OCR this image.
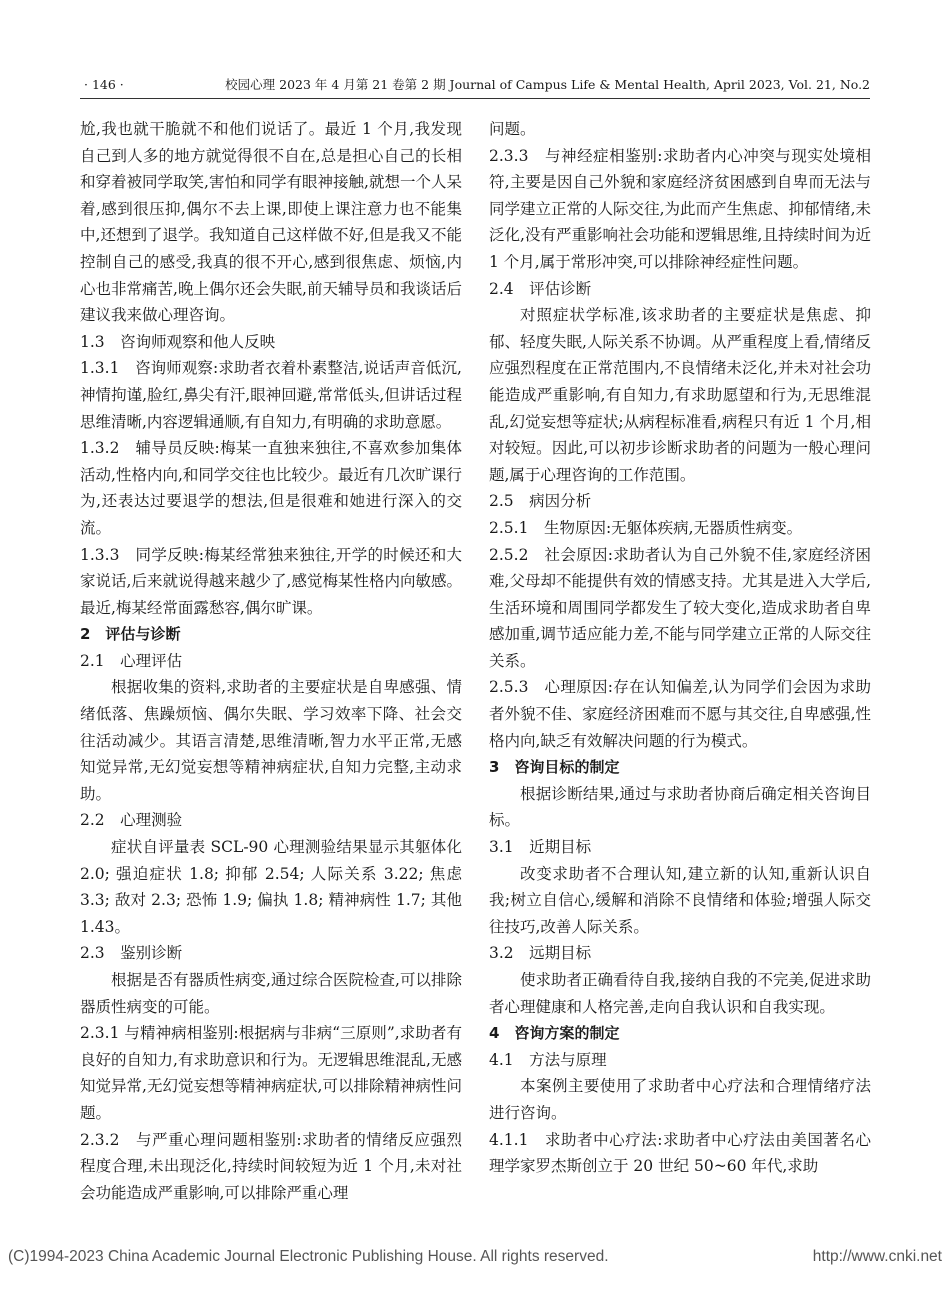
· 146 ·	校园心理 2023 年 4 月第 21 卷第 2 期 Journal of Campus Life & Mental Health, April 2023, Vol. 21, No.2

尬,我也就干脆就不和他们说话了。最近 1 个月,我发现自己到人多的地方就觉得很不自在,总是担心自己的长相和穿着被同学取笑,害怕和同学有眼神接触,就想一个人呆着,感到很压抑,偶尔不去上课,即使上课注意力也不能集中,还想到了退学。我知道自己这样做不好,但是我又不能控制自己的感受,我真的很不开心,感到很焦虑、烦恼,内心也非常痛苦,晚上偶尔还会失眠,前天辅导员和我谈话后建议我来做心理咨询。

1.3　咨询师观察和他人反映

1.3.1　咨询师观察:求助者衣着朴素整洁,说话声音低沉,神情拘谨,脸红,鼻尖有汗,眼神回避,常常低头,但讲话过程思维清晰,内容逻辑通顺,有自知力,有明确的求助意愿。

1.3.2　辅导员反映:梅某一直独来独往,不喜欢参加集体活动,性格内向,和同学交往也比较少。最近有几次旷课行为,还表达过要退学的想法,但是很难和她进行深入的交流。

1.3.3　同学反映:梅某经常独来独往,开学的时候还和大家说话,后来就说得越来越少了,感觉梅某性格内向敏感。最近,梅某经常面露愁容,偶尔旷课。

2　评估与诊断

2.1　心理评估

根据收集的资料,求助者的主要症状是自卑感强、情绪低落、焦躁烦恼、偶尔失眠、学习效率下降、社会交往活动减少。其语言清楚,思维清晰,智力水平正常,无感知觉异常,无幻觉妄想等精神病症状,自知力完整,主动求助。

2.2　心理测验

症状自评量表 SCL-90 心理测验结果显示其躯体化 2.0; 强迫症状 1.8; 抑郁 2.54; 人际关系 3.22; 焦虑 3.3; 敌对 2.3; 恐怖 1.9; 偏执 1.8; 精神病性 1.7; 其他 1.43。

2.3　鉴别诊断

根据是否有器质性病变,通过综合医院检查,可以排除器质性病变的可能。

2.3.1 与精神病相鉴别:根据病与非病“三原则”,求助者有良好的自知力,有求助意识和行为。无逻辑思维混乱,无感知觉异常,无幻觉妄想等精神病症状,可以排除精神病性问题。

2.3.2　与严重心理问题相鉴别:求助者的情绪反应强烈程度合理,未出现泛化,持续时间较短为近 1 个月,未对社会功能造成严重影响,可以排除严重心理

问题。

2.3.3　与神经症相鉴别:求助者内心冲突与现实处境相符,主要是因自己外貌和家庭经济贫困感到自卑而无法与同学建立正常的人际交往,为此而产生焦虑、抑郁情绪,未泛化,没有严重影响社会功能和逻辑思维,且持续时间为近 1 个月,属于常形冲突,可以排除神经症性问题。

2.4　评估诊断

对照症状学标准,该求助者的主要症状是焦虑、抑郁、轻度失眠,人际关系不协调。从严重程度上看,情绪反应强烈程度在正常范围内,不良情绪未泛化,并未对社会功能造成严重影响,有自知力,有求助愿望和行为,无思维混乱,幻觉妄想等症状;从病程标准看,病程只有近 1 个月,相对较短。因此,可以初步诊断求助者的问题为一般心理问题,属于心理咨询的工作范围。

2.5　病因分析

2.5.1　生物原因:无躯体疾病,无器质性病变。

2.5.2　社会原因:求助者认为自己外貌不佳,家庭经济困难,父母却不能提供有效的情感支持。尤其是进入大学后,生活环境和周围同学都发生了较大变化,造成求助者自卑感加重,调节适应能力差,不能与同学建立正常的人际交往关系。

2.5.3　心理原因:存在认知偏差,认为同学们会因为求助者外貌不佳、家庭经济困难而不愿与其交往,自卑感强,性格内向,缺乏有效解决问题的行为模式。

3　咨询目标的制定

根据诊断结果,通过与求助者协商后确定相关咨询目标。

3.1　近期目标

改变求助者不合理认知,建立新的认知,重新认识自我;树立自信心,缓解和消除不良情绪和体验;增强人际交往技巧,改善人际关系。

3.2　远期目标

使求助者正确看待自我,接纳自我的不完美,促进求助者心理健康和人格完善,走向自我认识和自我实现。

4　咨询方案的制定

4.1　方法与原理

本案例主要使用了求助者中心疗法和合理情绪疗法进行咨询。

4.1.1　求助者中心疗法:求助者中心疗法由美国著名心理学家罗杰斯创立于 20 世纪 50~60 年代,求助

(C)1994-2023 China Academic Journal Electronic Publishing House. All rights reserved.	http://www.cnki.net
